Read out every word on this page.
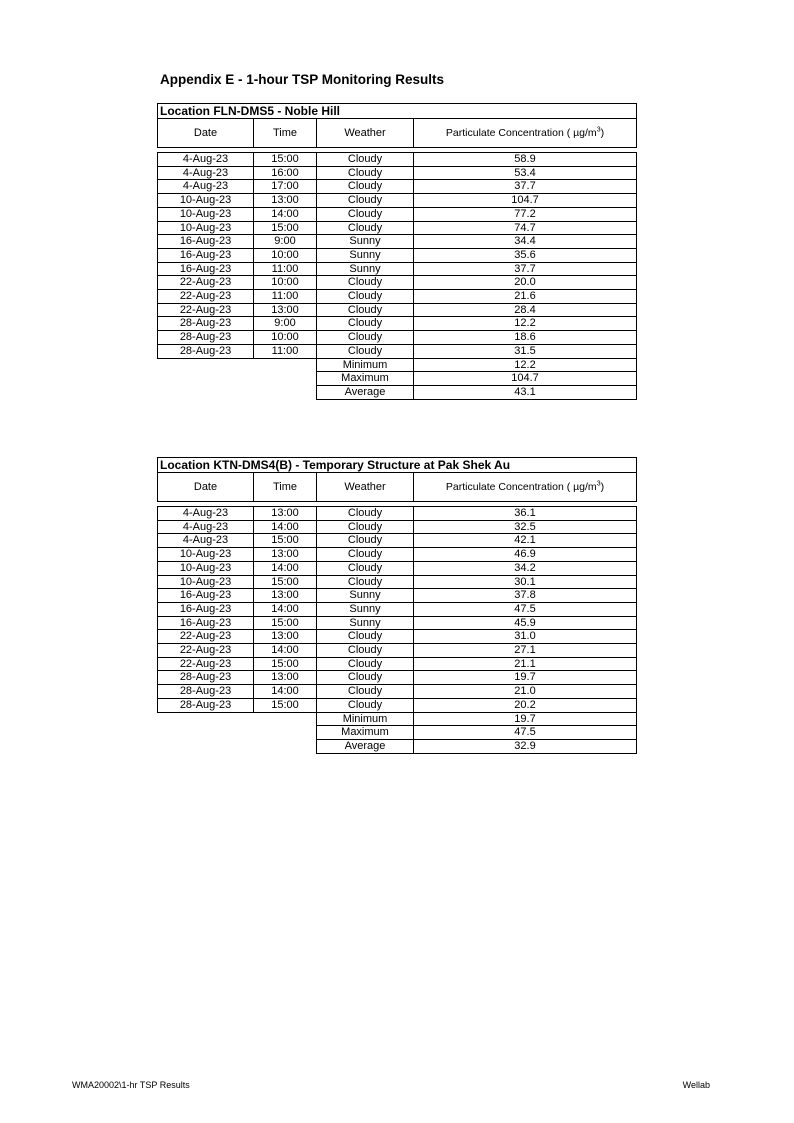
Appendix E - 1-hour TSP Monitoring Results
Location FLN-DMS5 - Noble Hill			
Date	Time	Weather	Particulate Concentration ( $\mu g/m^3$)

4-Aug-23	15:00	Cloudy	58.9
4-Aug-23	16:00	Cloudy	53.4
4-Aug-23	17:00	Cloudy	37.7
10-Aug-23	13:00	Cloudy	104.7
10-Aug-23	14:00	Cloudy	77.2
10-Aug-23	15:00	Cloudy	74.7
16-Aug-23	9:00	Sunny	34.4
16-Aug-23	10:00	Sunny	35.6
16-Aug-23	11:00	Sunny	37.7
22-Aug-23	10:00	Cloudy	20.0
22-Aug-23	11:00	Cloudy	21.6
22-Aug-23	13:00	Cloudy	28.4
28-Aug-23	9:00	Cloudy	12.2
28-Aug-23	10:00	Cloudy	18.6
28-Aug-23	11:00	Cloudy	31.5
		Minimum	12.2
		Maximum	104.7
		Average	43.1
Location KTN-DMS4(B) - Temporary Structure at Pak Shek Au			
Date	Time	Weather	Particulate Concentration ( $\mu g/m^3$)

4-Aug-23	13:00	Cloudy	36.1
4-Aug-23	14:00	Cloudy	32.5
4-Aug-23	15:00	Cloudy	42.1
10-Aug-23	13:00	Cloudy	46.9
10-Aug-23	14:00	Cloudy	34.2
10-Aug-23	15:00	Cloudy	30.1
16-Aug-23	13:00	Sunny	37.8
16-Aug-23	14:00	Sunny	47.5
16-Aug-23	15:00	Sunny	45.9
22-Aug-23	13:00	Cloudy	31.0
22-Aug-23	14:00	Cloudy	27.1
22-Aug-23	15:00	Cloudy	21.1
28-Aug-23	13:00	Cloudy	19.7
28-Aug-23	14:00	Cloudy	21.0
28-Aug-23	15:00	Cloudy	20.2
		Minimum	19.7
		Maximum	47.5
		Average	32.9
WMA20002\1-hr TSP Results	Wellab
